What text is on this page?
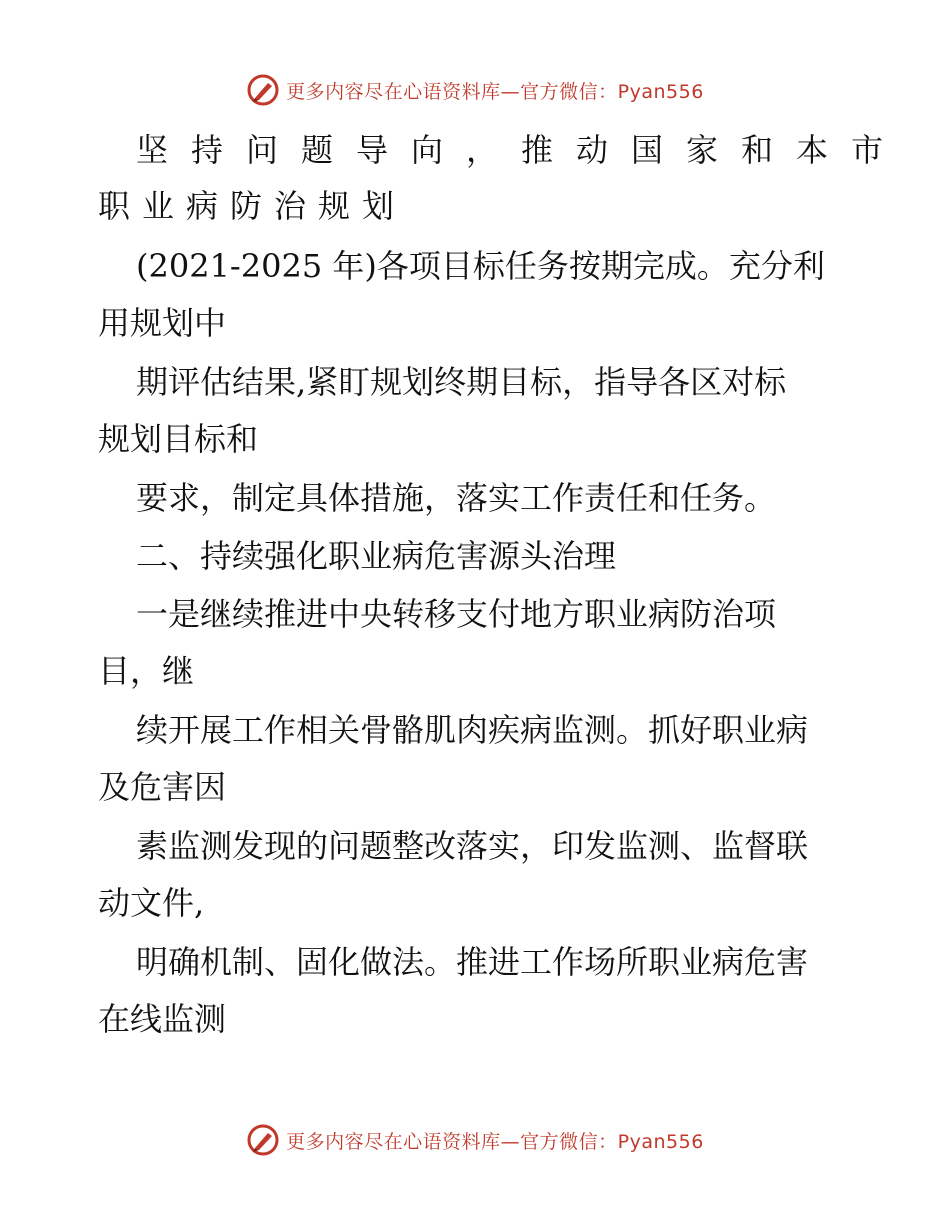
更多内容尽在心语资料库—官方微信：Pyan556
坚持问题导向，推动国家和本市
职业病防治规划
(2021-2025 年)各项目标任务按期完成。充分利
用规划中
期评估结果,紧盯规划终期目标，指导各区对标
规划目标和
要求，制定具体措施，落实工作责任和任务。
二、持续强化职业病危害源头治理
一是继续推进中央转移支付地方职业病防治项
目，继
续开展工作相关骨骼肌肉疾病监测。抓好职业病
及危害因
素监测发现的问题整改落实，印发监测、监督联
动文件,
明确机制、固化做法。推进工作场所职业病危害
在线监测
更多内容尽在心语资料库—官方微信：Pyan556
